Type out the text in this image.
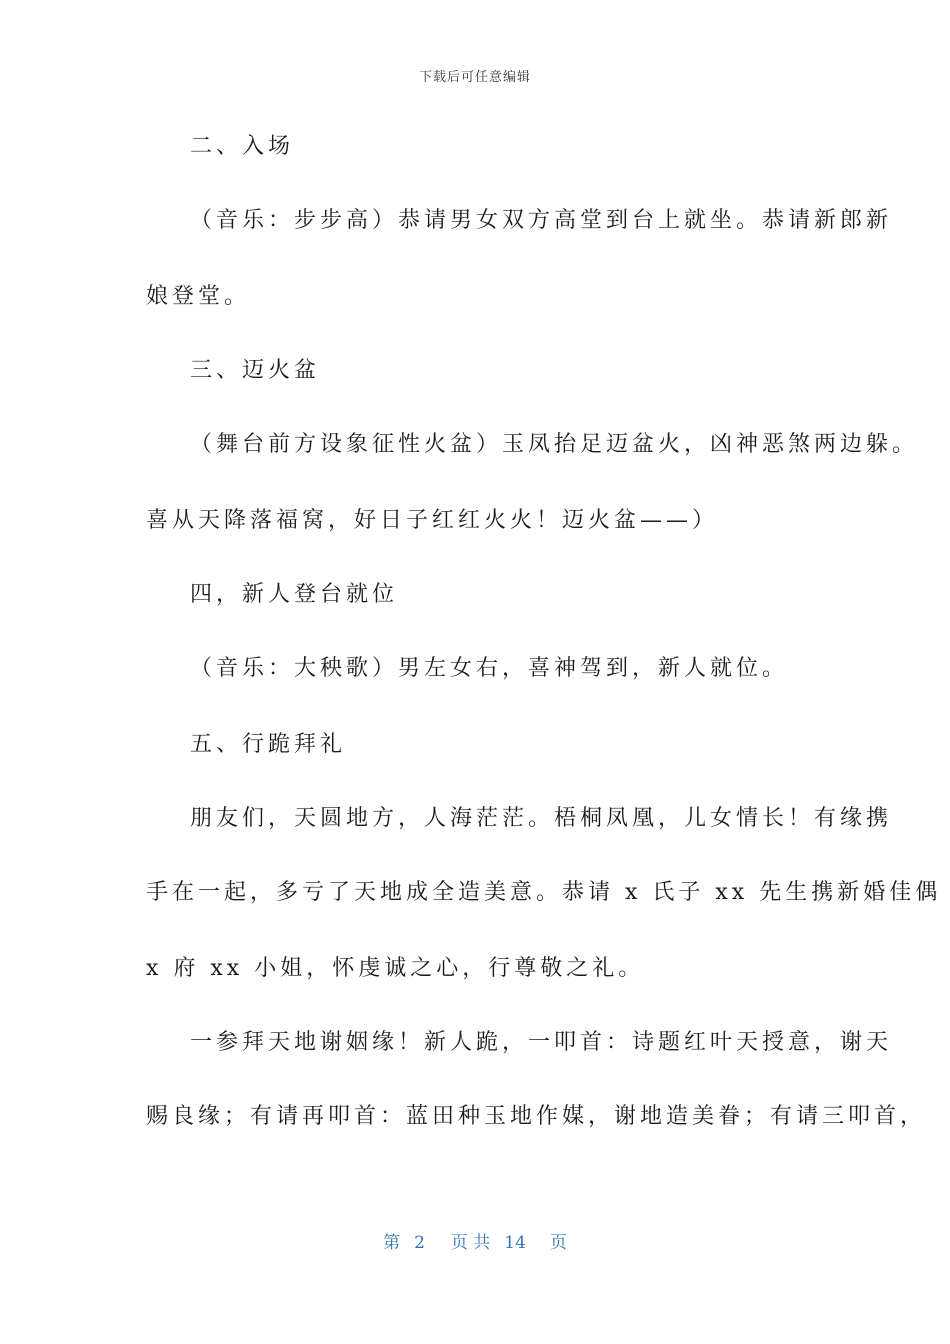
下载后可任意编辑
二、入场
（音乐：步步高）恭请男女双方高堂到台上就坐。恭请新郎新
娘登堂。
三、迈火盆
（舞台前方设象征性火盆）玉凤抬足迈盆火，凶神恶煞两边躲。
喜从天降落福窝，好日子红红火火！迈火盆——）
四，新人登台就位
（音乐：大秧歌）男左女右，喜神驾到，新人就位。
五、行跪拜礼
朋友们，天圆地方，人海茫茫。梧桐凤凰，儿女情长！有缘携
手在一起，多亏了天地成全造美意。恭请 x 氏子 xx 先生携新婚佳偶
x 府 xx 小姐，怀虔诚之心，行尊敬之礼。
一参拜天地谢姻缘！新人跪，一叩首：诗题红叶天授意，谢天
赐良缘；有请再叩首：蓝田种玉地作媒，谢地造美眷；有请三叩首，
第 2 页 共 14 页
